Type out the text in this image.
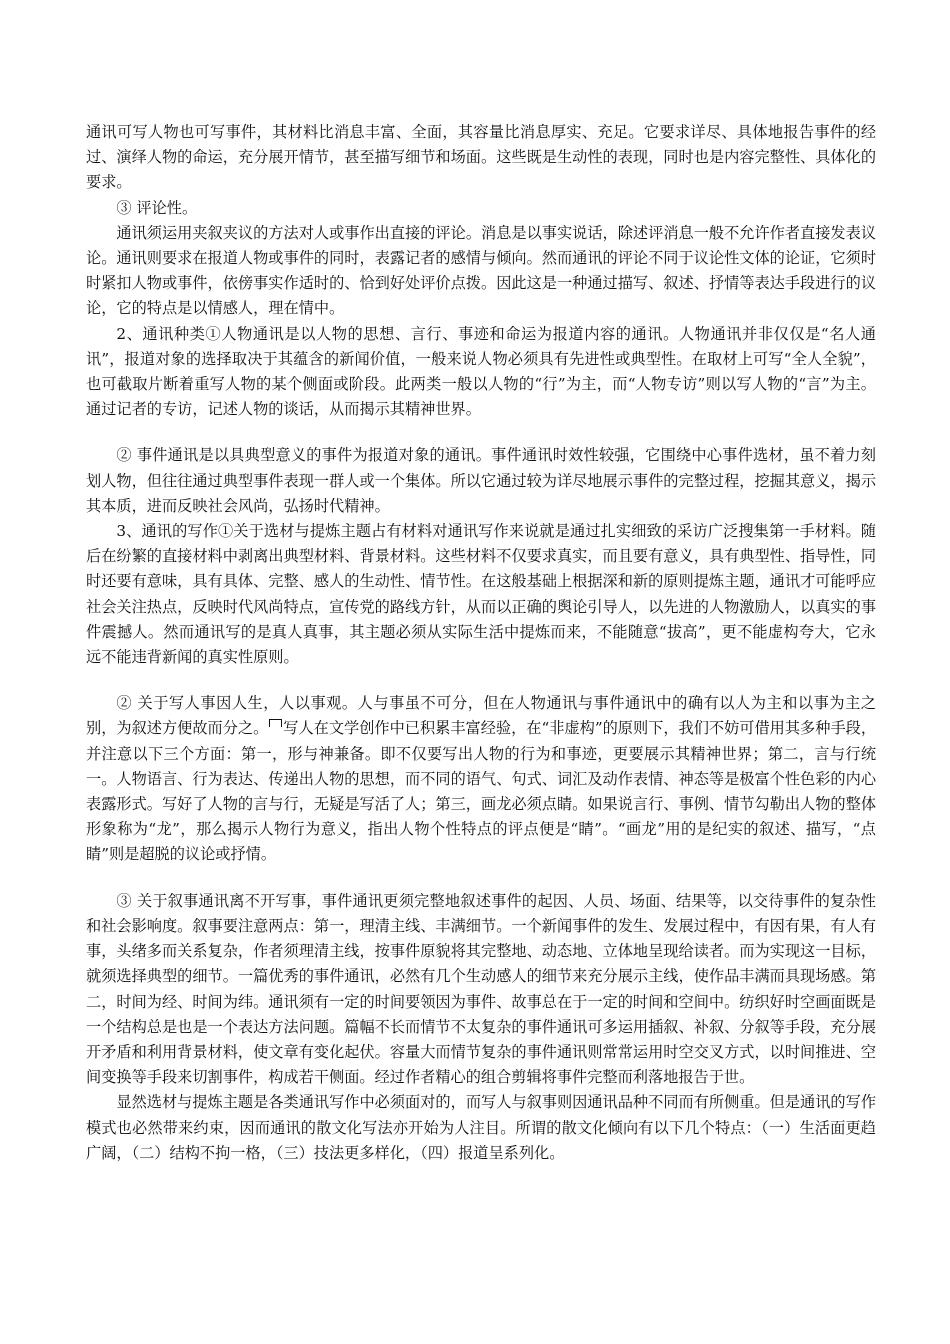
通讯可写人物也可写事件，其材料比消息丰富、全面，其容量比消息厚实、充足。它要求详尽、具体地报告事件的经过、演绎人物的命运，充分展开情节，甚至描写细节和场面。这些既是生动性的表现，同时也是内容完整性、具体化的要求。

③ 评论性。

通讯须运用夹叙夹议的方法对人或事作出直接的评论。消息是以事实说话，除述评消息一般不允许作者直接发表议论。通讯则要求在报道人物或事件的同时，表露记者的感情与倾向。然而通讯的评论不同于议论性文体的论证，它须时时紧扣人物或事件，依傍事实作适时的、恰到好处评价点拨。因此这是一种通过描写、叙述、抒情等表达手段进行的议论，它的特点是以情感人，理在情中。

2、通讯种类①人物通讯是以人物的思想、言行、事迹和命运为报道内容的通讯。人物通讯并非仅仅是“名人通讯”，报道对象的选择取决于其蕴含的新闻价值，一般来说人物必须具有先进性或典型性。在取材上可写“全人全貌”，也可截取片断着重写人物的某个侧面或阶段。此两类一般以人物的“行”为主，而“人物专访”则以写人物的“言”为主。通过记者的专访，记述人物的谈话，从而揭示其精神世界。

② 事件通讯是以具典型意义的事件为报道对象的通讯。事件通讯时效性较强，它围绕中心事件选材，虽不着力刻划人物，但往往通过典型事件表现一群人或一个集体。所以它通过较为详尽地展示事件的完整过程，挖掘其意义，揭示其本质，进而反映社会风尚，弘扬时代精神。

3、通讯的写作①关于选材与提炼主题占有材料对通讯写作来说就是通过扎实细致的采访广泛搜集第一手材料。随后在纷繁的直接材料中剥离出典型材料、背景材料。这些材料不仅要求真实，而且要有意义，具有典型性、指导性，同时还要有意味，具有具体、完整、感人的生动性、情节性。在这般基础上根据深和新的原则提炼主题，通讯才可能呼应社会关注热点，反映时代风尚特点，宣传党的路线方针，从而以正确的舆论引导人，以先进的人物激励人，以真实的事件震撼人。然而通讯写的是真人真事，其主题必须从实际生活中提炼而来，不能随意“拔高”，更不能虚构夸大，它永远不能违背新闻的真实性原则。

② 关于写人事因人生，人以事观。人与事虽不可分，但在人物通讯与事件通讯中的确有以人为主和以事为主之别，为叙述方便故而分之。 写人在文学创作中已积累丰富经验，在“非虚构”的原则下，我们不妨可借用其多种手段，并注意以下三个方面：第一，形与神兼备。即不仅要写出人物的行为和事迹，更要展示其精神世界；第二，言与行统一。人物语言、行为表达、传递出人物的思想，而不同的语气、句式、词汇及动作表情、神态等是极富个性色彩的内心表露形式。写好了人物的言与行，无疑是写活了人；第三，画龙必须点睛。如果说言行、事例、情节勾勒出人物的整体形象称为“龙”，那么揭示人物行为意义，指出人物个性特点的评点便是“睛”。“画龙”用的是纪实的叙述、描写，“点睛”则是超脱的议论或抒情。

③ 关于叙事通讯离不开写事，事件通讯更须完整地叙述事件的起因、人员、场面、结果等，以交待事件的复杂性和社会影响度。叙事要注意两点：第一，理清主线、丰满细节。一个新闻事件的发生、发展过程中，有因有果，有人有事，头绪多而关系复杂，作者须理清主线，按事件原貌将其完整地、动态地、立体地呈现给读者。而为实现这一目标，就须选择典型的细节。一篇优秀的事件通讯，必然有几个生动感人的细节来充分展示主线，使作品丰满而具现场感。第二，时间为经、时间为纬。通讯须有一定的时间要领因为事件、故事总在于一定的时间和空间中。纺织好时空画面既是一个结构总是也是一个表达方法问题。篇幅不长而情节不太复杂的事件通讯可多运用插叙、补叙、分叙等手段，充分展开矛盾和利用背景材料，使文章有变化起伏。容量大而情节复杂的事件通讯则常常运用时空交叉方式，以时间推进、空间变换等手段来切割事件，构成若干侧面。经过作者精心的组合剪辑将事件完整而利落地报告于世。

显然选材与提炼主题是各类通讯写作中必须面对的，而写人与叙事则因通讯品种不同而有所侧重。但是通讯的写作模式也必然带来约束，因而通讯的散文化写法亦开始为人注目。所谓的散文化倾向有以下几个特点：（一）生活面更趋广阔，（二）结构不拘一格，（三）技法更多样化，（四）报道呈系列化。
